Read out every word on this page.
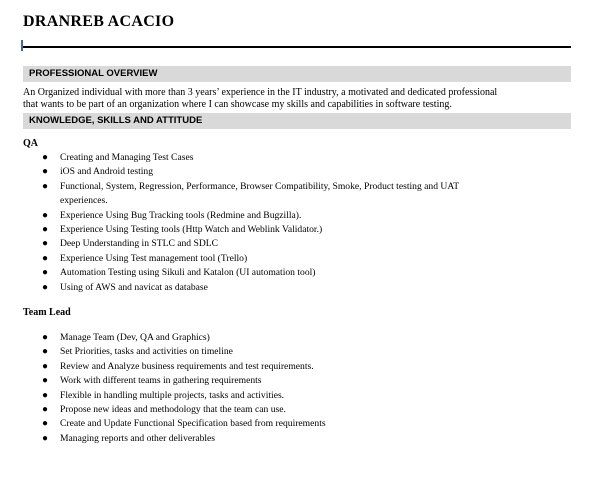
DRANREB ACACIO
PROFESSIONAL OVERVIEW
An Organized individual with more than 3 years’ experience in the IT industry, a motivated and dedicated professional
that wants to be part of an organization where I can showcase my skills and capabilities in software testing.
KNOWLEDGE, SKILLS AND ATTITUDE
QA
● Creating and Managing Test Cases
● iOS and Android testing
● Functional, System, Regression, Performance, Browser Compatibility, Smoke, Product testing and UAT
experiences.
● Experience Using Bug Tracking tools (Redmine and Bugzilla).
● Experience Using Testing tools (Http Watch and Weblink Validator.)
● Deep Understanding in STLC and SDLC
● Experience Using Test management tool (Trello)
● Automation Testing using Sikuli and Katalon (UI automation tool)
● Using of AWS and navicat as database
Team Lead
● Manage Team (Dev, QA and Graphics)
● Set Priorities, tasks and activities on timeline
● Review and Analyze business requirements and test requirements.
● Work with different teams in gathering requirements
● Flexible in handling multiple projects, tasks and activities.
● Propose new ideas and methodology that the team can use.
● Create and Update Functional Specification based from requirements
● Managing reports and other deliverables
